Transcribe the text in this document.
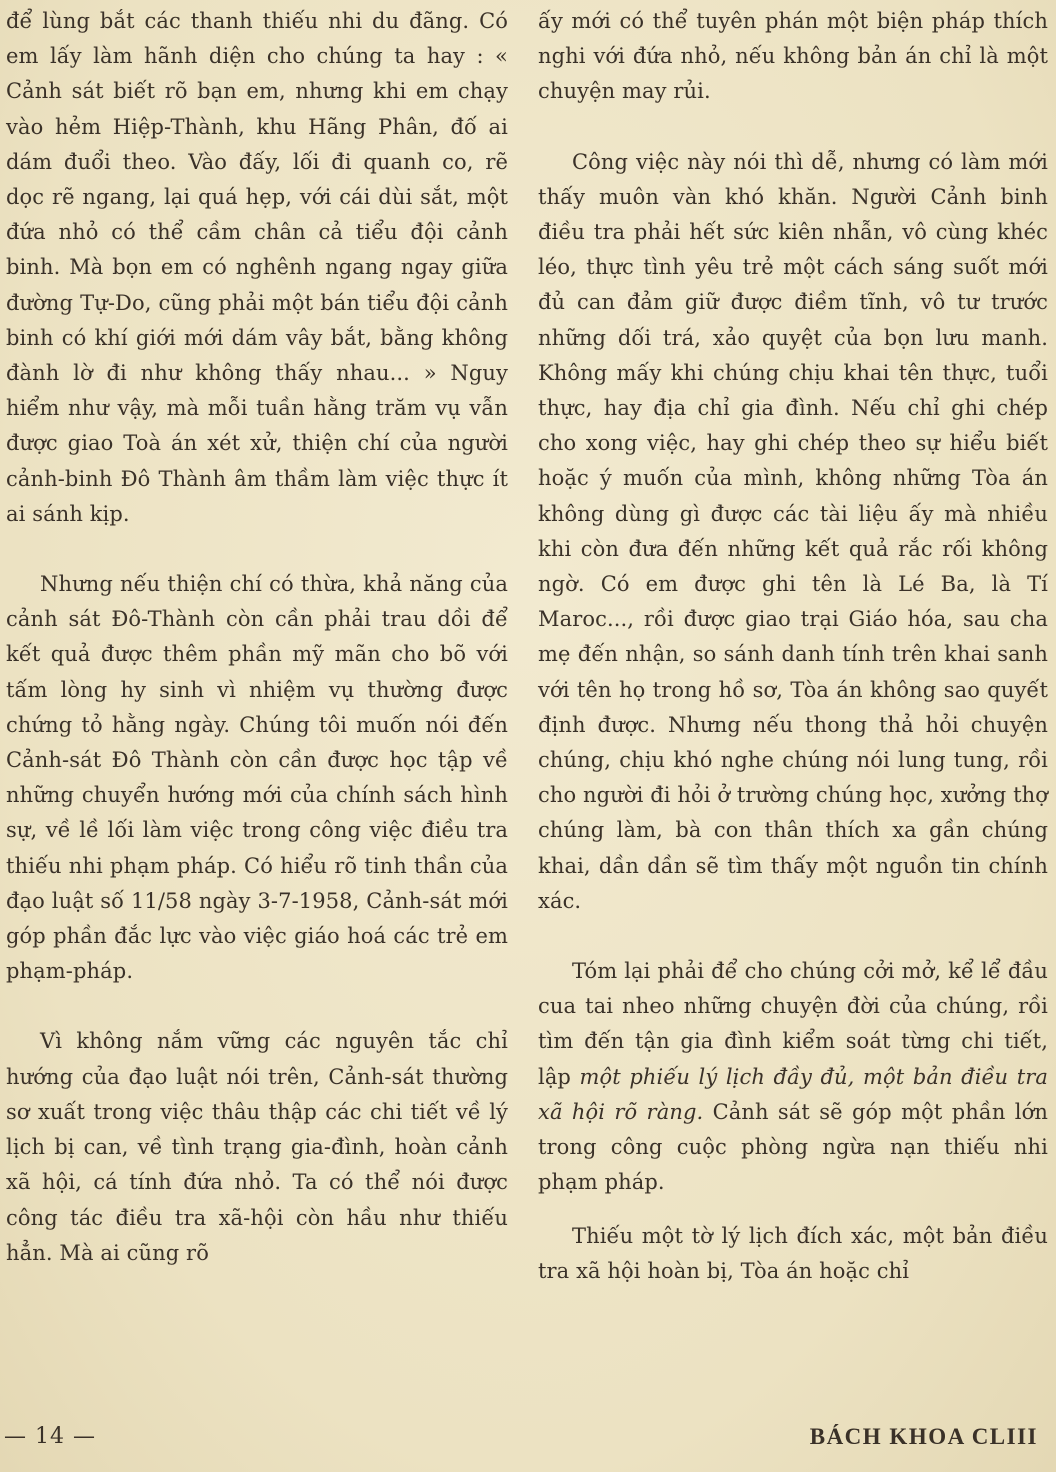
để lùng bắt các thanh thiếu nhi du đãng. Có em lấy làm hãnh diện cho chúng ta hay : « Cảnh sát biết rõ bạn em, nhưng khi em chạy vào hẻm Hiệp-Thành, khu Hãng Phân, đố ai dám đuổi theo. Vào đấy, lối đi quanh co, rẽ dọc rẽ ngang, lại quá hẹp, với cái dùi sắt, một đứa nhỏ có thể cầm chân cả tiểu đội cảnh binh. Mà bọn em có nghênh ngang ngay giữa đường Tự-Do, cũng phải một bán tiểu đội cảnh binh có khí giới mới dám vây bắt, bằng không đành lờ đi như không thấy nhau... » Nguy hiểm như vậy, mà mỗi tuần hằng trăm vụ vẫn được giao Toà án xét xử, thiện chí của người cảnh-binh Đô Thành âm thầm làm việc thực ít ai sánh kịp.

Nhưng nếu thiện chí có thừa, khả năng của cảnh sát Đô-Thành còn cần phải trau dồi để kết quả được thêm phần mỹ mãn cho bõ với tấm lòng hy sinh vì nhiệm vụ thường được chứng tỏ hằng ngày. Chúng tôi muốn nói đến Cảnh-sát Đô Thành còn cần được học tập về những chuyển hướng mới của chính sách hình sự, về lề lối làm việc trong công việc điều tra thiếu nhi phạm pháp. Có hiểu rõ tinh thần của đạo luật số 11/58 ngày 3-7-1958, Cảnh-sát mới góp phần đắc lực vào việc giáo hoá các trẻ em phạm-pháp.

Vì không nắm vững các nguyên tắc chỉ hướng của đạo luật nói trên, Cảnh-sát thường sơ xuất trong việc thâu thập các chi tiết về lý lịch bị can, về tình trạng gia-đình, hoàn cảnh xã hội, cá tính đứa nhỏ. Ta có thể nói được công tác điều tra xã-hội còn hầu như thiếu hẳn. Mà ai cũng rõ

ấy mới có thể tuyên phán một biện pháp thích nghi với đứa nhỏ, nếu không bản án chỉ là một chuyện may rủi.

Công việc này nói thì dễ, nhưng có làm mới thấy muôn vàn khó khăn. Người Cảnh binh điều tra phải hết sức kiên nhẫn, vô cùng khéc léo, thực tình yêu trẻ một cách sáng suốt mới đủ can đảm giữ được điềm tĩnh, vô tư trước những dối trá, xảo quyệt của bọn lưu manh. Không mấy khi chúng chịu khai tên thực, tuổi thực, hay địa chỉ gia đình. Nếu chỉ ghi chép cho xong việc, hay ghi chép theo sự hiểu biết hoặc ý muốn của mình, không những Tòa án không dùng gì được các tài liệu ấy mà nhiều khi còn đưa đến những kết quả rắc rối không ngờ. Có em được ghi tên là Lé Ba, là Tí Maroc..., rồi được giao trại Giáo hóa, sau cha mẹ đến nhận, so sánh danh tính trên khai sanh với tên họ trong hồ sơ, Tòa án không sao quyết định được. Nhưng nếu thong thả hỏi chuyện chúng, chịu khó nghe chúng nói lung tung, rồi cho người đi hỏi ở trường chúng học, xưởng thợ chúng làm, bà con thân thích xa gần chúng khai, dần dần sẽ tìm thấy một nguồn tin chính xác.

Tóm lại phải để cho chúng cởi mở, kể lể đầu cua tai nheo những chuyện đời của chúng, rồi tìm đến tận gia đình kiểm soát từng chi tiết, lập một phiếu lý lịch đầy đủ, một bản điều tra xã hội rõ ràng. Cảnh sát sẽ góp một phần lớn trong công cuộc phòng ngừa nạn thiếu nhi phạm pháp.

Thiếu một tờ lý lịch đích xác, một bản điều tra xã hội hoàn bị, Tòa án hoặc chỉ

— 14 —	BÁCH KHOA CLIII
